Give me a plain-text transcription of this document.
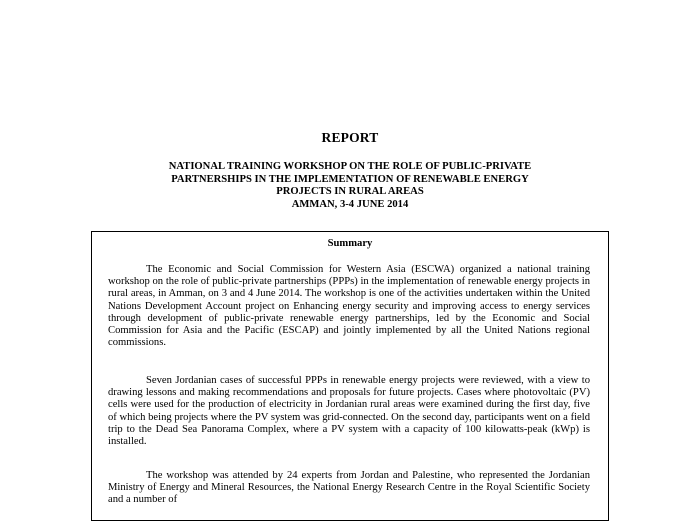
REPORT
NATIONAL TRAINING WORKSHOP ON THE ROLE OF PUBLIC-PRIVATE
PARTNERSHIPS IN THE IMPLEMENTATION OF RENEWABLE ENERGY
PROJECTS IN RURAL AREAS
AMMAN, 3-4 JUNE 2014
Summary

The Economic and Social Commission for Western Asia (ESCWA) organized a national training workshop on the role of public-private partnerships (PPPs) in the implementation of renewable energy projects in rural areas, in Amman, on 3 and 4 June 2014. The workshop is one of the activities undertaken within the United Nations Development Account project on Enhancing energy security and improving access to energy services through development of public-private renewable energy partnerships, led by the Economic and Social Commission for Asia and the Pacific (ESCAP) and jointly implemented by all the United Nations regional commissions.

Seven Jordanian cases of successful PPPs in renewable energy projects were reviewed, with a view to drawing lessons and making recommendations and proposals for future projects. Cases where photovoltaic (PV) cells were used for the production of electricity in Jordanian rural areas were examined during the first day, five of which being projects where the PV system was grid-connected. On the second day, participants went on a field trip to the Dead Sea Panorama Complex, where a PV system with a capacity of 100 kilowatts-peak (kWp) is installed.

The workshop was attended by 24 experts from Jordan and Palestine, who represented the Jordanian Ministry of Energy and Mineral Resources, the National Energy Research Centre in the Royal Scientific Society and a number of
